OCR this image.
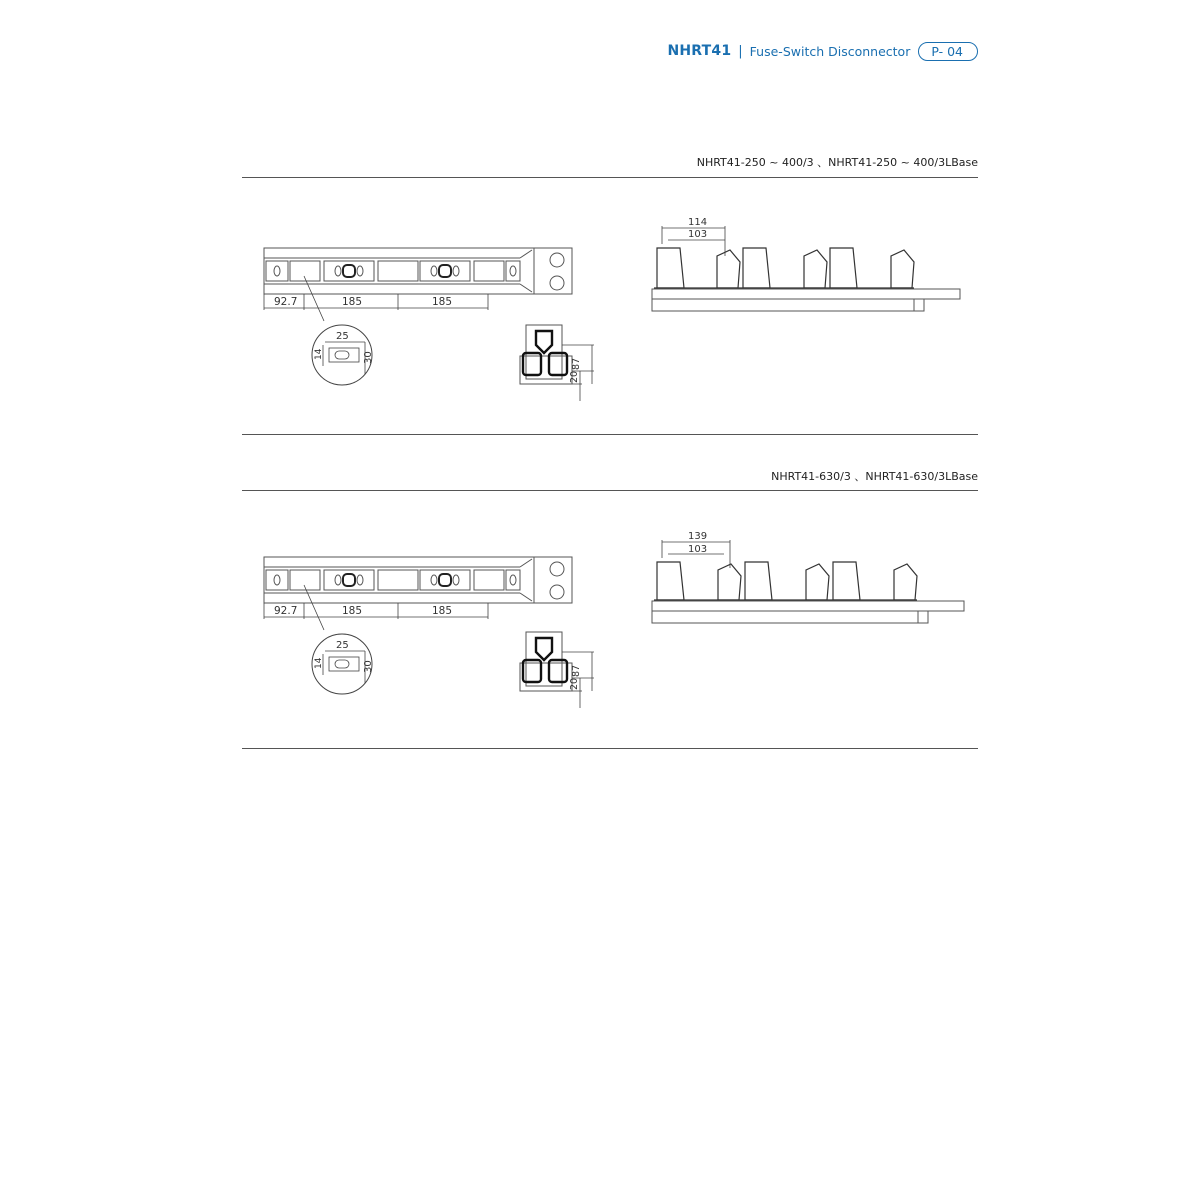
NHRT41 | Fuse-Switch Disconnector	P- 04
NHRT41-250 ~ 400/3 、NHRT41-250 ~ 400/3LBase
92.7	185	185
25
14	30	87
20
114
103
NHRT41-630/3 、NHRT41-630/3LBase
92.7	185	185
25
14	30	87
20
139
103
